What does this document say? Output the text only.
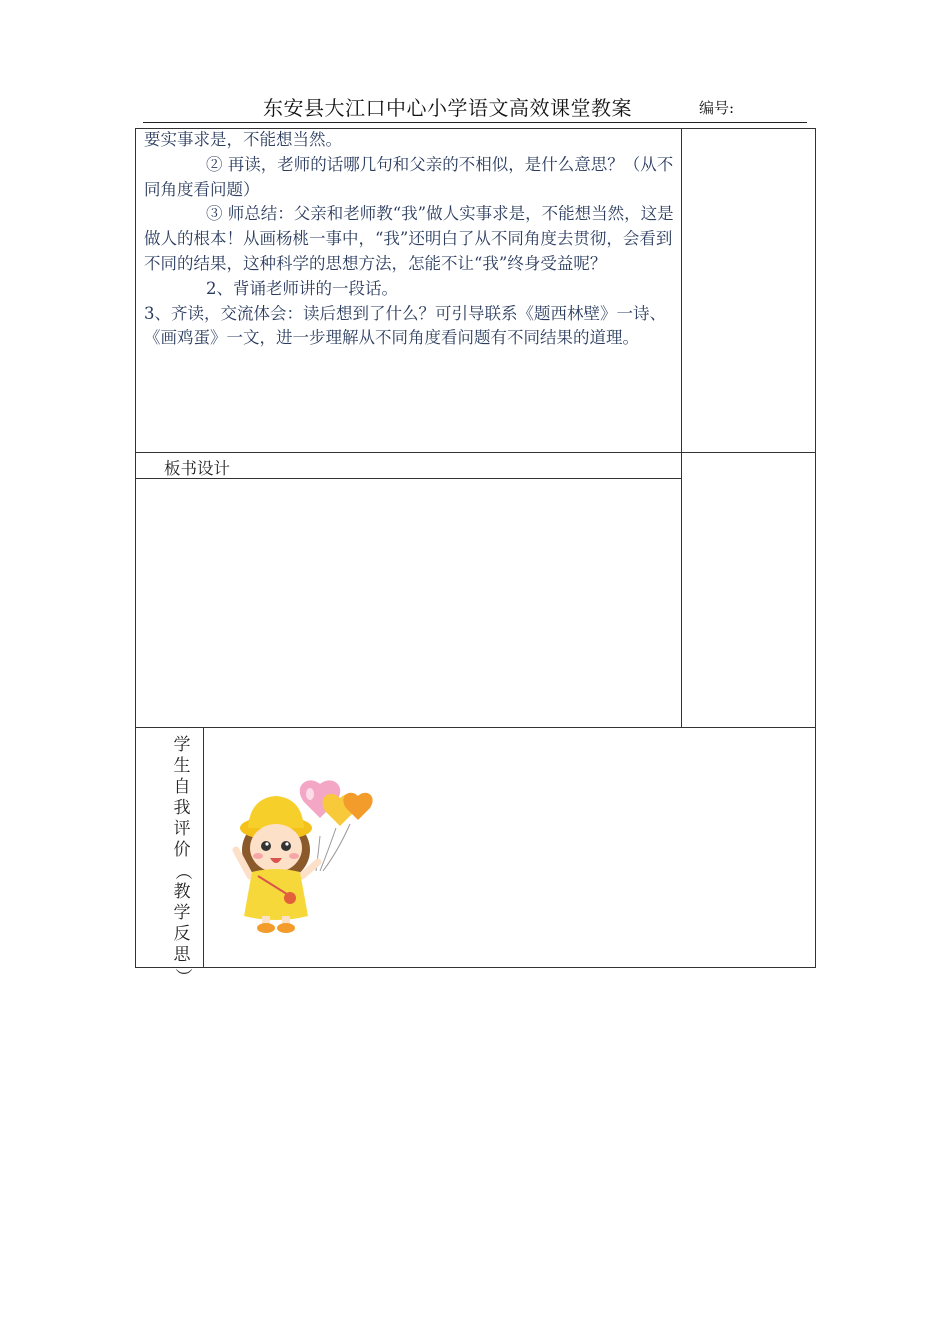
东安县大江口中心小学语文高效课堂教案	编号:

要实事求是，不能想当然。

② 再读，老师的话哪几句和父亲的不相似，是什么意思？（从不同角度看问题）

③ 师总结：父亲和老师教“我”做人实事求是，不能想当然，这是做人的根本！从画杨桃一事中，“我”还明白了从不同角度去贯彻，会看到不同的结果，这种科学的思想方法，怎能不让“我”终身受益呢？

2、背诵老师讲的一段话。

3、齐读，交流体会：读后想到了什么？可引导联系《题西林壁》一诗、《画鸡蛋》一文，进一步理解从不同角度看问题有不同结果的道理。

板书设计
学
生
自
我
评
价
（
教
学
反
思
）
